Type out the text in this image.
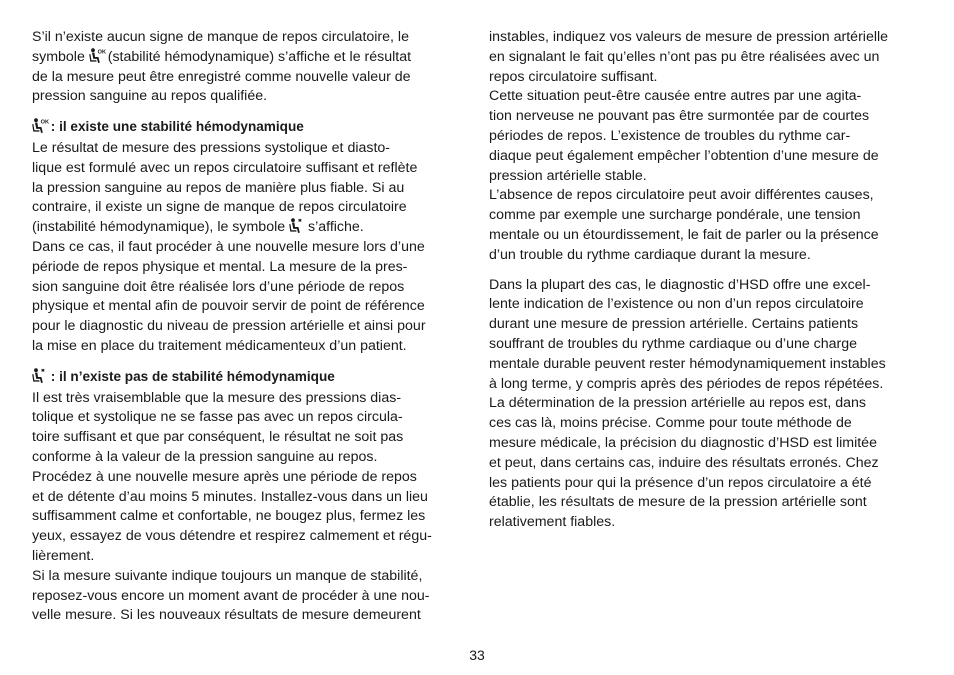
S’il n’existe aucun signe de manque de repos circulatoire, le
symbole OK
(stabilité hémodynamique) s’affiche et le résultat
de la mesure peut être enregistré comme nouvelle valeur de
pression sanguine au repos qualifiée.
OK
: il existe une stabilité hémodynamique
Le résultat de mesure des pressions systolique et diasto-
lique est formulé avec un repos circulatoire suffisant et reflète
la pression sanguine au repos de manière plus fiable. Si au
contraire, il existe un signe de manque de repos circulatoire
(instabilité hémodynamique), le symbole
s’affiche.
Dans ce cas, il faut procéder à une nouvelle mesure lors d’une
période de repos physique et mental. La mesure de la pres-
sion sanguine doit être réalisée lors d’une période de repos
physique et mental afin de pouvoir servir de point de référence
pour le diagnostic du niveau de pression artérielle et ainsi pour
la mise en place du traitement médicamenteux d’un patient.
: il n’existe pas de stabilité hémodynamique
Il est très vraisemblable que la mesure des pressions dias-
tolique et systolique ne se fasse pas avec un repos circula-
toire suffisant et que par conséquent, le résultat ne soit pas
conforme à la valeur de la pression sanguine au repos.
Procédez à une nouvelle mesure après une période de repos
et de détente d’au moins 5 minutes. Installez-vous dans un lieu
suffisamment calme et confortable, ne bougez plus, fermez les
yeux, essayez de vous détendre et respirez calmement et régu-
lièrement.
Si la mesure suivante indique toujours un manque de stabilité,
reposez-vous encore un moment avant de procéder à une nou-
velle mesure. Si les nouveaux résultats de mesure demeurent
instables, indiquez vos valeurs de mesure de pression artérielle
en signalant le fait qu’elles n’ont pas pu être réalisées avec un
repos circulatoire suffisant.
Cette situation peut-être causée entre autres par une agita-
tion nerveuse ne pouvant pas être surmontée par de courtes
périodes de repos. L’existence de troubles du rythme car-
diaque peut également empêcher l’obtention d’une mesure de
pression artérielle stable.
L’absence de repos circulatoire peut avoir différentes causes,
comme par exemple une surcharge pondérale, une tension
mentale ou un étourdissement, le fait de parler ou la présence
d’un trouble du rythme cardiaque durant la mesure.
Dans la plupart des cas, le diagnostic d’HSD offre une excel-
lente indication de l’existence ou non d’un repos circulatoire
durant une mesure de pression artérielle. Certains patients
souffrant de troubles du rythme cardiaque ou d’une charge
mentale durable peuvent rester hémodynamiquement instables
à long terme, y compris après des périodes de repos répétées.
La détermination de la pression artérielle au repos est, dans
ces cas là, moins précise. Comme pour toute méthode de
mesure médicale, la précision du diagnostic d’HSD est limitée
et peut, dans certains cas, induire des résultats erronés. Chez
les patients pour qui la présence d’un repos circulatoire a été
établie, les résultats de mesure de la pression artérielle sont
relativement fiables.
33
